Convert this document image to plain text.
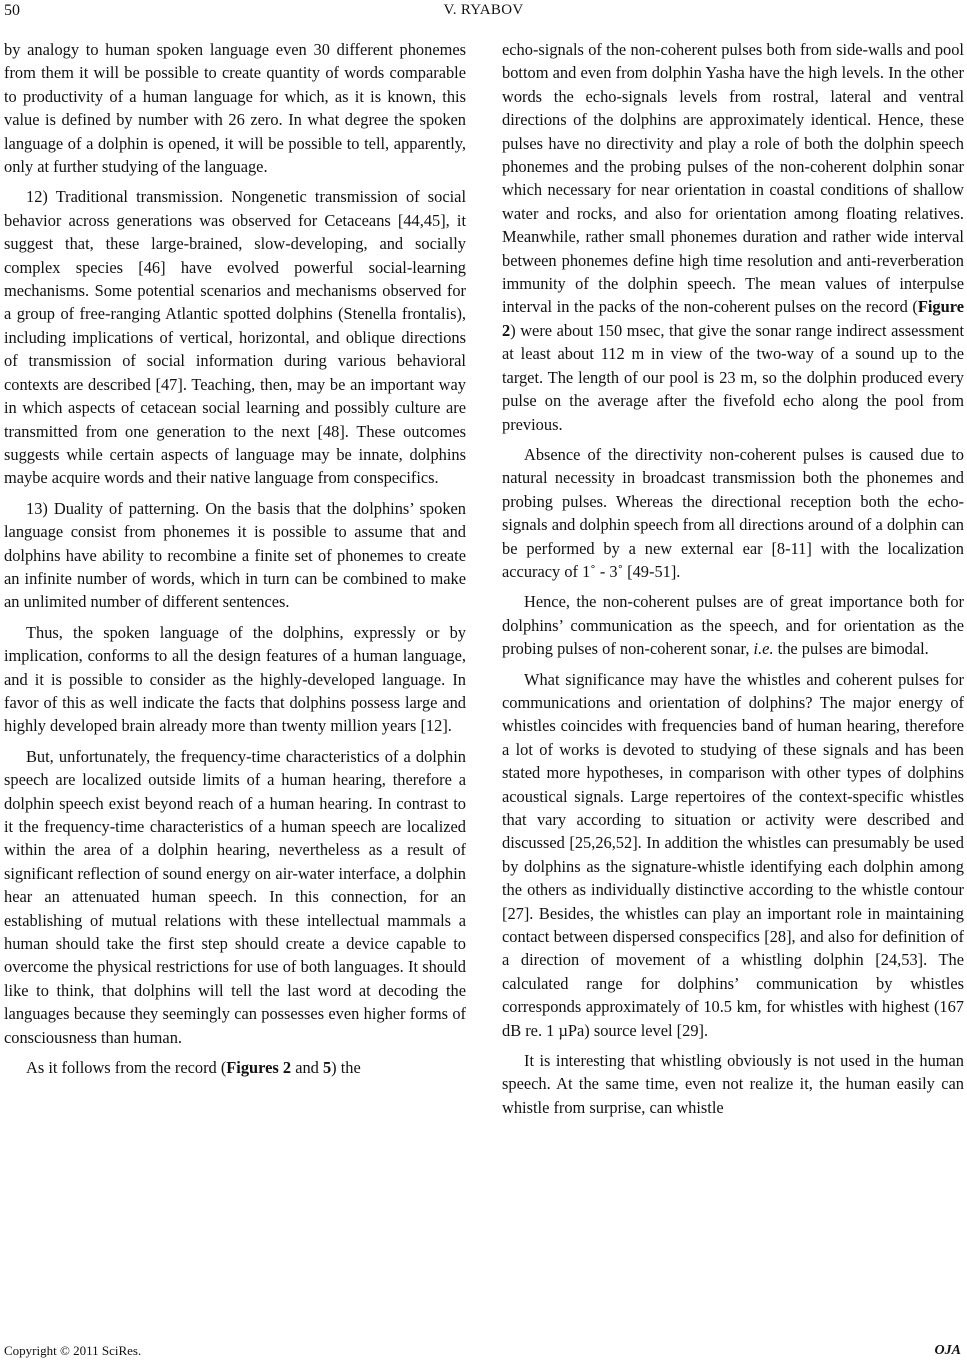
50	V. RYABOV

by analogy to human spoken language even 30 different phonemes from them it will be possible to create quantity of words comparable to productivity of a human language for which, as it is known, this value is defined by number with 26 zero. In what degree the spoken language of a dolphin is opened, it will be possible to tell, apparently, only at further studying of the language.

12) Traditional transmission. Nongenetic transmission of social behavior across generations was observed for Cetaceans [44,45], it suggest that, these large-brained, slow-developing, and socially complex species [46] have evolved powerful social-learning mechanisms. Some potential scenarios and mechanisms observed for a group of free-ranging Atlantic spotted dolphins (Stenella frontalis), including implications of vertical, horizontal, and oblique directions of transmission of social information during various behavioral contexts are described [47]. Teaching, then, may be an important way in which aspects of cetacean social learning and possibly culture are transmitted from one generation to the next [48]. These outcomes suggests while certain aspects of language may be innate, dolphins maybe acquire words and their native language from conspecifics.

13) Duality of patterning. On the basis that the dolphins’ spoken language consist from phonemes it is possible to assume that and dolphins have ability to recombine a finite set of phonemes to create an infinite number of words, which in turn can be combined to make an unlimited number of different sentences.

Thus, the spoken language of the dolphins, expressly or by implication, conforms to all the design features of a human language, and it is possible to consider as the highly-developed language. In favor of this as well indicate the facts that dolphins possess large and highly developed brain already more than twenty million years [12].

But, unfortunately, the frequency-time characteristics of a dolphin speech are localized outside limits of a human hearing, therefore a dolphin speech exist beyond reach of a human hearing. In contrast to it the frequency-time characteristics of a human speech are localized within the area of a dolphin hearing, nevertheless as a result of significant reflection of sound energy on air-water interface, a dolphin hear an attenuated human speech. In this connection, for an establishing of mutual relations with these intellectual mammals a human should take the first step should create a device capable to overcome the physical restrictions for use of both languages. It should like to think, that dolphins will tell the last word at decoding the languages because they seemingly can possesses even higher forms of consciousness than human.

As it follows from the record (Figures 2 and 5) the

echo-signals of the non-coherent pulses both from side-walls and pool bottom and even from dolphin Yasha have the high levels. In the other words the echo-signals levels from rostral, lateral and ventral directions of the dolphins are approximately identical. Hence, these pulses have no directivity and play a role of both the dolphin speech phonemes and the probing pulses of the non-coherent dolphin sonar which necessary for near orientation in coastal conditions of shallow water and rocks, and also for orientation among floating relatives. Meanwhile, rather small phonemes duration and rather wide interval between phonemes define high time resolution and anti-reverberation immunity of the dolphin speech. The mean values of interpulse interval in the packs of the non-coherent pulses on the record (Figure 2) were about 150 msec, that give the sonar range indirect assessment at least about 112 m in view of the two-way of a sound up to the target. The length of our pool is 23 m, so the dolphin produced every pulse on the average after the fivefold echo along the pool from previous.

Absence of the directivity non-coherent pulses is caused due to natural necessity in broadcast transmission both the phonemes and probing pulses. Whereas the directional reception both the echo-signals and dolphin speech from all directions around of a dolphin can be performed by a new external ear [8-11] with the localization accuracy of 1˚ - 3˚ [49-51].

Hence, the non-coherent pulses are of great importance both for dolphins’ communication as the speech, and for orientation as the probing pulses of non-coherent sonar, i.e. the pulses are bimodal.

What significance may have the whistles and coherent pulses for communications and orientation of dolphins? The major energy of whistles coincides with frequencies band of human hearing, therefore a lot of works is devoted to studying of these signals and has been stated more hypotheses, in comparison with other types of dolphins acoustical signals. Large repertoires of the context-specific whistles that vary according to situation or activity were described and discussed [25,26,52]. In addition the whistles can presumably be used by dolphins as the signature-whistle identifying each dolphin among the others as individually distinctive according to the whistle contour [27]. Besides, the whistles can play an important role in maintaining contact between dispersed conspecifics [28], and also for definition of a direction of movement of a whistling dolphin [24,53]. The calculated range for dolphins’ communication by whistles corresponds approximately of 10.5 km, for whistles with highest (167 dB re. 1 µPa) source level [29].

It is interesting that whistling obviously is not used in the human speech. At the same time, even not realize it, the human easily can whistle from surprise, can whistle

Copyright © 2011 SciRes.	OJA
